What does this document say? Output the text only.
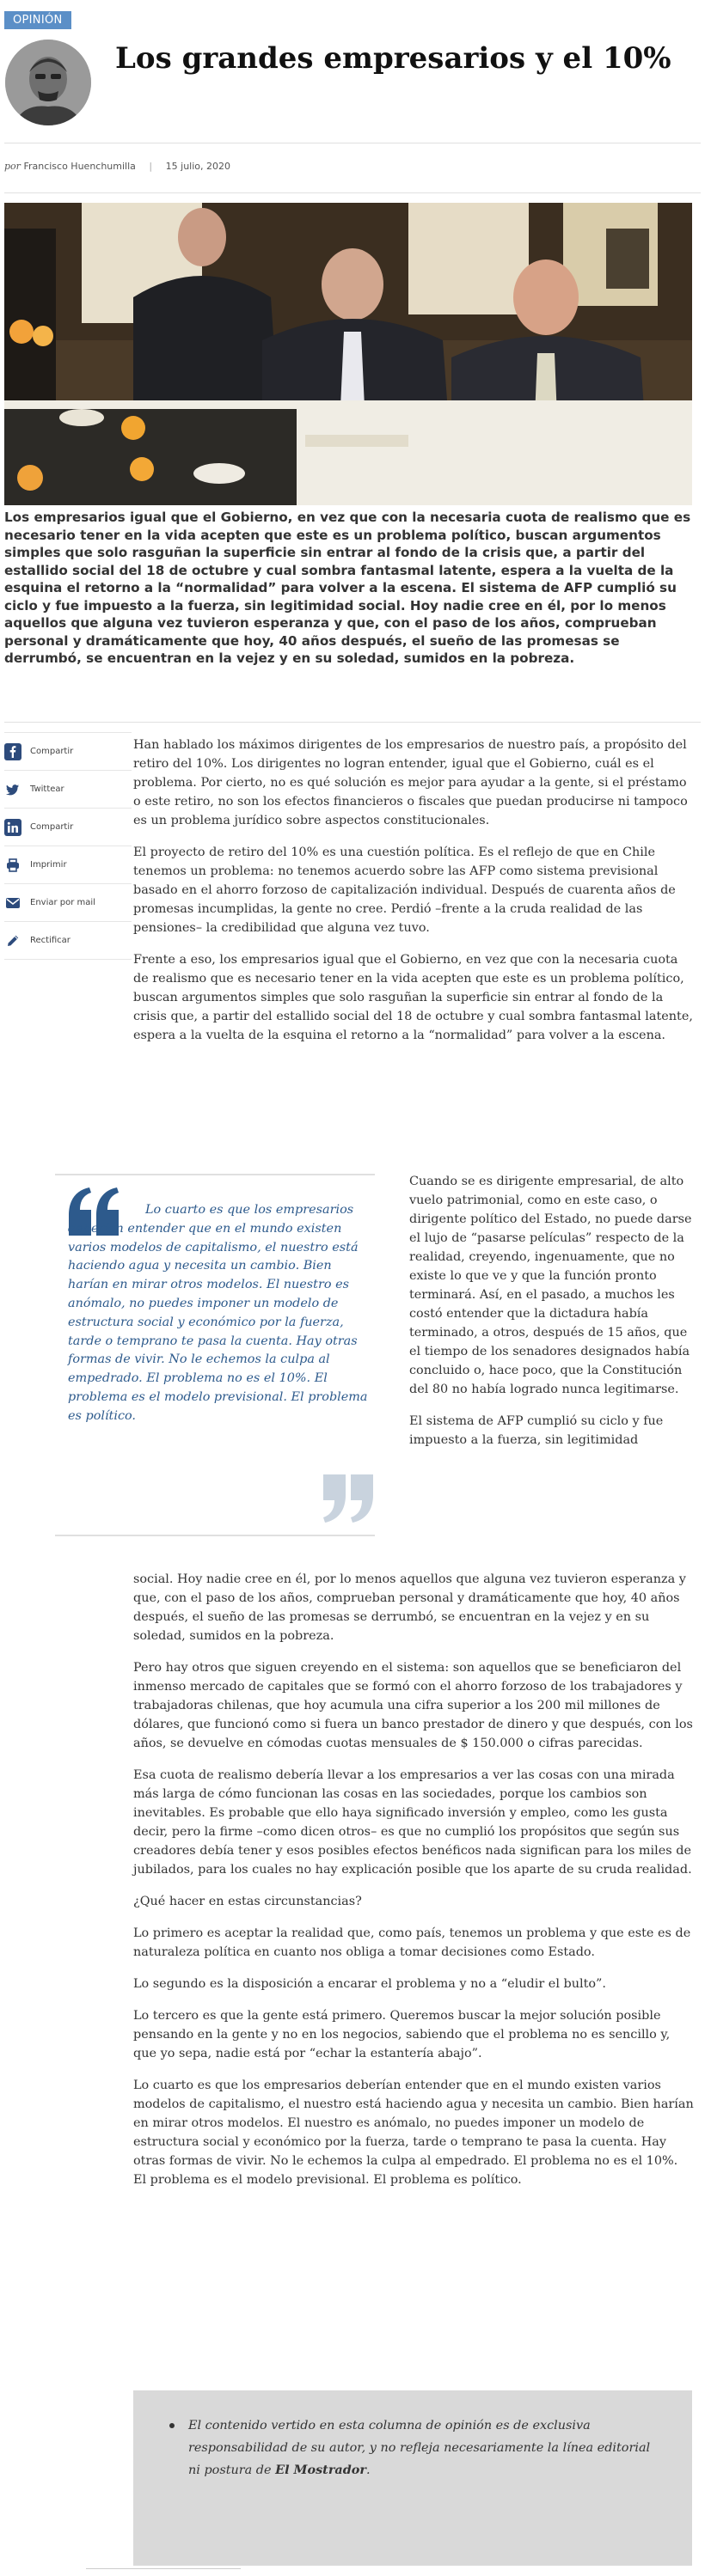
OPINIÓN
Los grandes empresarios y el 10%
por Francisco Huenchumilla | 15 julio, 2020

Los empresarios igual que el Gobierno, en vez que con la necesaria cuota de realismo que es necesario tener en la vida acepten que este es un problema político, buscan argumentos simples que solo rasguñan la superficie sin entrar al fondo de la crisis que, a partir del estallido social del 18 de octubre y cual sombra fantasmal latente, espera a la vuelta de la esquina el retorno a la “normalidad” para volver a la escena. El sistema de AFP cumplió su ciclo y fue impuesto a la fuerza, sin legitimidad social. Hoy nadie cree en él, por lo menos aquellos que alguna vez tuvieron esperanza y que, con el paso de los años, comprueban personal y dramáticamente que hoy, 40 años después, el sueño de las promesas se derrumbó, se encuentran en la vejez y en su soledad, sumidos en la pobreza.

Compartir
Twittear
Compartir
Imprimir
Enviar por mail
Rectificar

Han hablado los máximos dirigentes de los empresarios de nuestro país, a propósito del retiro del 10%. Los dirigentes no logran entender, igual que el Gobierno, cuál es el problema. Por cierto, no es qué solución es mejor para ayudar a la gente, si el préstamo o este retiro, no son los efectos financieros o fiscales que puedan producirse ni tampoco es un problema jurídico sobre aspectos constitucionales.

El proyecto de retiro del 10% es una cuestión política. Es el reflejo de que en Chile tenemos un problema: no tenemos acuerdo sobre las AFP como sistema previsional basado en el ahorro forzoso de capitalización individual. Después de cuarenta años de promesas incumplidas, la gente no cree. Perdió –frente a la cruda realidad de las pensiones– la credibilidad que alguna vez tuvo.

Frente a eso, los empresarios igual que el Gobierno, en vez que con la necesaria cuota de realismo que es necesario tener en la vida acepten que este es un problema político, buscan argumentos simples que solo rasguñan la superficie sin entrar al fondo de la crisis que, a partir del estallido social del 18 de octubre y cual sombra fantasmal latente, espera a la vuelta de la esquina el retorno a la “normalidad” para volver a la escena.

Lo cuarto es que los empresarios deberían entender que en el mundo existen varios modelos de capitalismo, el nuestro está haciendo agua y necesita un cambio. Bien harían en mirar otros modelos. El nuestro es anómalo, no puedes imponer un modelo de estructura social y económico por la fuerza, tarde o temprano te pasa la cuenta. Hay otras formas de vivir. No le echemos la culpa al empedrado. El problema no es el 10%. El problema es el modelo previsional. El problema es político.

Cuando se es dirigente empresarial, de alto vuelo patrimonial, como en este caso, o dirigente político del Estado, no puede darse el lujo de “pasarse películas” respecto de la realidad, creyendo, ingenuamente, que no existe lo que ve y que la función pronto terminará. Así, en el pasado, a muchos les costó entender que la dictadura había terminado, a otros, después de 15 años, que el tiempo de los senadores designados había concluido o, hace poco, que la Constitución del 80 no había logrado nunca legitimarse.

El sistema de AFP cumplió su ciclo y fue impuesto a la fuerza, sin legitimidad

social. Hoy nadie cree en él, por lo menos aquellos que alguna vez tuvieron esperanza y que, con el paso de los años, comprueban personal y dramáticamente que hoy, 40 años después, el sueño de las promesas se derrumbó, se encuentran en la vejez y en su soledad, sumidos en la pobreza.

Pero hay otros que siguen creyendo en el sistema: son aquellos que se beneficiaron del inmenso mercado de capitales que se formó con el ahorro forzoso de los trabajadores y trabajadoras chilenas, que hoy acumula una cifra superior a los 200 mil millones de dólares, que funcionó como si fuera un banco prestador de dinero y que después, con los años, se devuelve en cómodas cuotas mensuales de $ 150.000 o cifras parecidas.

Esa cuota de realismo debería llevar a los empresarios a ver las cosas con una mirada más larga de cómo funcionan las cosas en las sociedades, porque los cambios son inevitables. Es probable que ello haya significado inversión y empleo, como les gusta decir, pero la firme –como dicen otros– es que no cumplió los propósitos que según sus creadores debía tener y esos posibles efectos benéficos nada significan para los miles de jubilados, para los cuales no hay explicación posible que los aparte de su cruda realidad.

¿Qué hacer en estas circunstancias?

Lo primero es aceptar la realidad que, como país, tenemos un problema y que este es de naturaleza política en cuanto nos obliga a tomar decisiones como Estado.

Lo segundo es la disposición a encarar el problema y no a “eludir el bulto”.

Lo tercero es que la gente está primero. Queremos buscar la mejor solución posible pensando en la gente y no en los negocios, sabiendo que el problema no es sencillo y, que yo sepa, nadie está por “echar la estantería abajo”.

Lo cuarto es que los empresarios deberían entender que en el mundo existen varios modelos de capitalismo, el nuestro está haciendo agua y necesita un cambio. Bien harían en mirar otros modelos. El nuestro es anómalo, no puedes imponer un modelo de estructura social y económico por la fuerza, tarde o temprano te pasa la cuenta. Hay otras formas de vivir. No le echemos la culpa al empedrado. El problema no es el 10%. El problema es el modelo previsional. El problema es político.

El contenido vertido en esta columna de opinión es de exclusiva responsabilidad de su autor, y no refleja necesariamente la línea editorial ni postura de El Mostrador.
